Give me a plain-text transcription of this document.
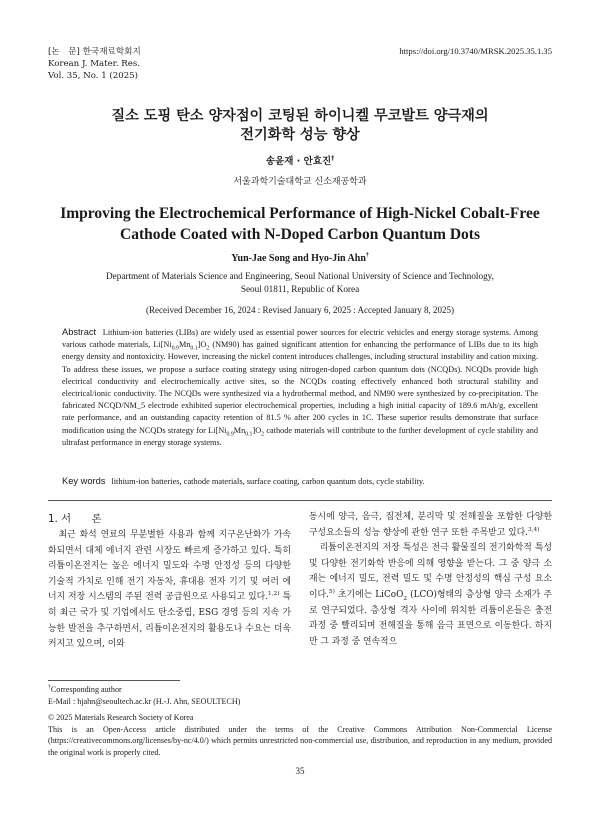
[논　문] 한국재료학회지
Korean J. Mater. Res.
Vol. 35, No. 1 (2025)
https://doi.org/10.3740/MRSK.2025.35.1.35
질소 도핑 탄소 양자점이 코팅된 하이니켈 무코발트 양극재의
전기화학 성능 향상
송윤재 · 안효진†
서울과학기술대학교 신소재공학과
Improving the Electrochemical Performance of High-Nickel Cobalt-Free
Cathode Coated with N-Doped Carbon Quantum Dots
Yun-Jae Song and Hyo-Jin Ahn†
Department of Materials Science and Engineering, Seoul National University of Science and Technology,
Seoul 01811, Republic of Korea
(Received December 16, 2024 : Revised January 6, 2025 : Accepted January 8, 2025)
Abstract Lithium-ion batteries (LIBs) are widely used as essential power sources for electric vehicles and energy storage systems. Among various cathode materials, $Li[Ni_{0.9}Mn_{0.1}]O_2$ (NM90) has gained significant attention for enhancing the performance of LIBs due to its high energy density and nontoxicity. However, increasing the nickel content introduces challenges, including structural instability and cation mixing. To address these issues, we propose a surface coating strategy using nitrogen-doped carbon quantum dots (NCQDs). NCQDs provide high electrical conductivity and electrochemically active sites, so the NCQDs coating effectively enhanced both structural stability and electrical/ionic conductivity. The NCQDs were synthesized via a hydrothermal method, and NM90 were synthesized by co-precipitation. The fabricated NCQD/NM_5 electrode exhibited superior electrochemical properties, including a high initial capacity of 189.6 mAh/g, excellent rate performance, and an outstanding capacity retention of 81.5 % after 200 cycles in 1C. These superior results demonstrate that surface modification using the NCQDs strategy for $Li[Ni_{0.9}Mn_{0.1}]O_2$ cathode materials will contribute to the further development of cycle stability and ultrafast performance in energy storage systems.
Key words lithium-ion batteries, cathode materials, surface coating, carbon quantum dots, cycle stability.

1. 서　　론

최근 화석 연료의 무분별한 사용과 함께 지구온난화가 가속화되면서 대체 에너지 관련 시장도 빠르게 증가하고 있다. 특히 리튬이온전지는 높은 에너지 밀도와 수명 안정성 등의 다양한 기술적 가치로 인해 전기 자동차, 휴대용 전자 기기 및 여러 에너지 저장 시스템의 주된 전력 공급원으로 사용되고 있다.$^{1,2)}$ 특히 최근 국가 및 기업에서도 탄소중립, ESG 경영 등의 지속 가능한 발전을 추구하면서, 리튬이온전지의 활용도나 수요는 더욱 커지고 있으며, 이와

동시에 양극, 음극, 집전체, 분리막 및 전해질을 포함한 다양한 구성요소들의 성능 향상에 관한 연구 또한 주목받고 있다.$^{3,4)}$

리튬이온전지의 저장 특성은 전극 활물질의 전기화학적 특성 및 다양한 전기화학 반응에 의해 영향을 받는다. 그 중 양극 소재는 에너지 밀도, 전력 밀도 및 수명 안정성의 핵심 구성 요소이다.$^{5)}$ 초기에는 LiCoO$_2$ (LCO)형태의 층상형 양극 소재가 주로 연구되었다. 층상형 격자 사이에 위치한 리튬이온들은 충전 과정 중 빨리되며 전해질을 통해 음극 표면으로 이동한다. 하지만 그 과정 중 연속적으

†Corresponding author
E-Mail : hjahn@seoultech.ac.kr (H.-J. Ahn, SEOULTECH)
© 2025 Materials Research Society of Korea
This is an Open-Access article distributed under the terms of the Creative Commons Attribution Non-Commercial License (https://creativecommons.org/licenses/by-nc/4.0/) which permits unrestricted non-commercial use, distribution, and reproduction in any medium, provided the original work is properly cited.
35
